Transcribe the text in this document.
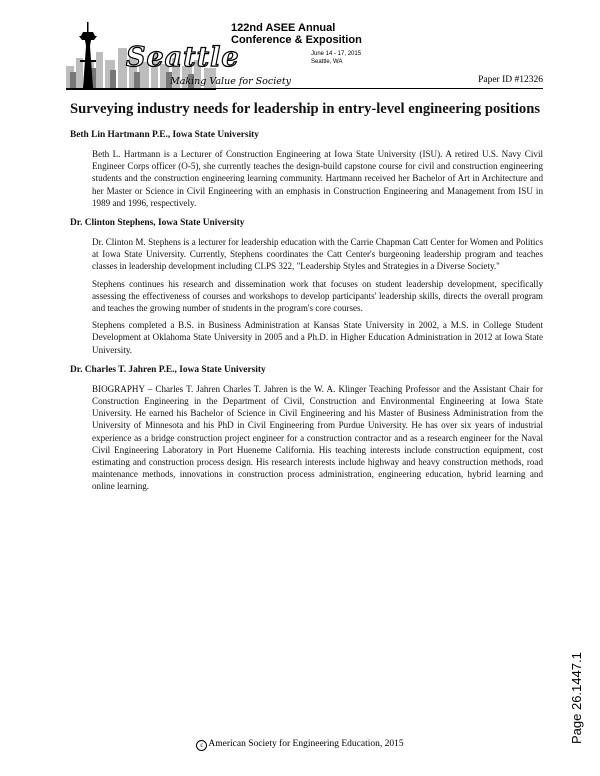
Seattle
Making Value for Society
122nd ASEE Annual
Conference & Exposition
June 14 - 17, 2015
Seattle, WA
Paper ID #12326
Surveying industry needs for leadership in entry-level engineering positions
Beth Lin Hartmann P.E., Iowa State University
Beth L. Hartmann is a Lecturer of Construction Engineering at Iowa State University (ISU). A retired U.S. Navy Civil Engineer Corps officer (O-5), she currently teaches the design-build capstone course for civil and construction engineering students and the construction engineering learning community. Hartmann received her Bachelor of Art in Architecture and her Master or Science in Civil Engineering with an emphasis in Construction Engineering and Management from ISU in 1989 and 1996, respectively.
Dr. Clinton Stephens, Iowa State University
Dr. Clinton M. Stephens is a lecturer for leadership education with the Carrie Chapman Catt Center for Women and Politics at Iowa State University. Currently, Stephens coordinates the Catt Center's burgeoning leadership program and teaches classes in leadership development including CLPS 322, "Leadership Styles and Strategies in a Diverse Society."
Stephens continues his research and dissemination work that focuses on student leadership development, specifically assessing the effectiveness of courses and workshops to develop participants' leadership skills, directs the overall program and teaches the growing number of students in the program's core courses.
Stephens completed a B.S. in Business Administration at Kansas State University in 2002, a M.S. in College Student Development at Oklahoma State University in 2005 and a Ph.D. in Higher Education Administration in 2012 at Iowa State University.
Dr. Charles T. Jahren P.E., Iowa State University
BIOGRAPHY – Charles T. Jahren Charles T. Jahren is the W. A. Klinger Teaching Professor and the Assistant Chair for Construction Engineering in the Department of Civil, Construction and Environmental Engineering at Iowa State University. He earned his Bachelor of Science in Civil Engineering and his Master of Business Administration from the University of Minnesota and his PhD in Civil Engineering from Purdue University. He has over six years of industrial experience as a bridge construction project engineer for a construction contractor and as a research engineer for the Naval Civil Engineering Laboratory in Port Hueneme California. His teaching interests include construction equipment, cost estimating and construction process design. His research interests include highway and heavy construction methods, road maintenance methods, innovations in construction process administration, engineering education, hybrid learning and online learning.
Page 26.1447.1
c American Society for Engineering Education, 2015
